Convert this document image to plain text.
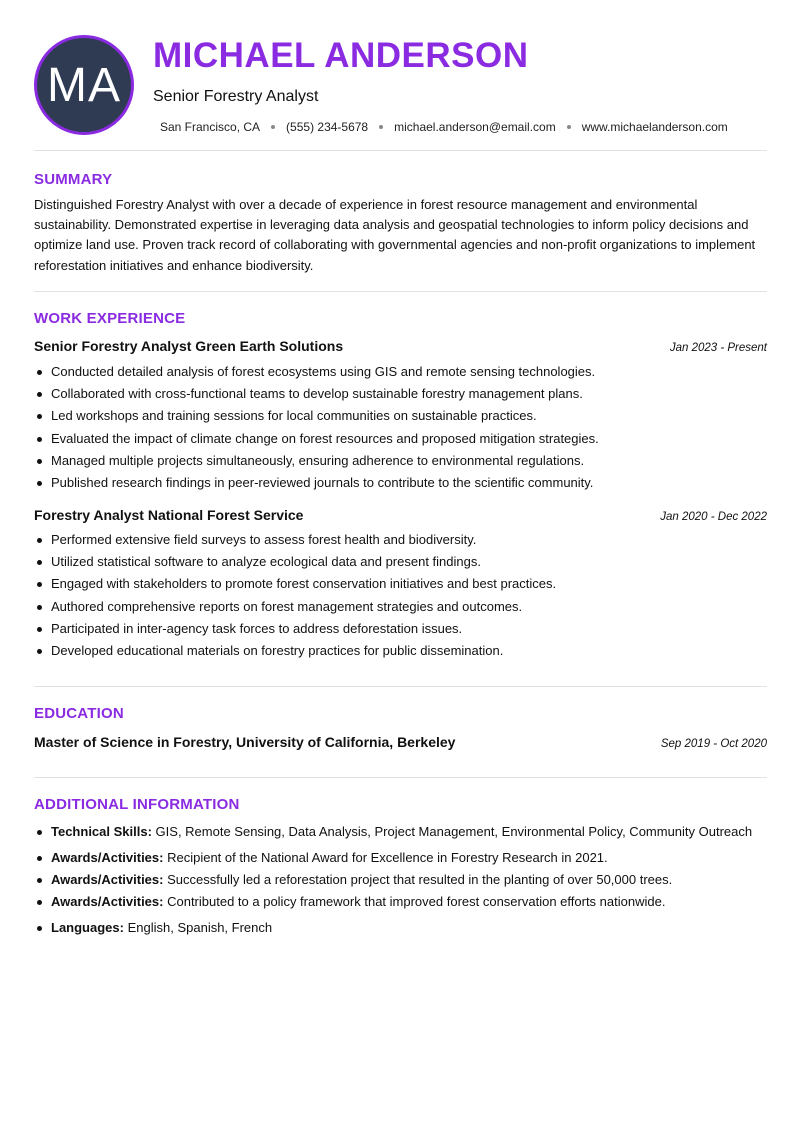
MA
MICHAEL ANDERSON
Senior Forestry Analyst
San Francisco, CA (555) 234-5678 michael.anderson@email.com www.michaelanderson.com
SUMMARY

Distinguished Forestry Analyst with over a decade of experience in forest resource management and environmental sustainability. Demonstrated expertise in leveraging data analysis and geospatial technologies to inform policy decisions and optimize land use. Proven track record of collaborating with governmental agencies and non-profit organizations to implement reforestation initiatives and enhance biodiversity.

WORK EXPERIENCE
Senior Forestry Analyst Green Earth Solutions	Jan 2023 - Present
Conducted detailed analysis of forest ecosystems using GIS and remote sensing technologies.
Collaborated with cross-functional teams to develop sustainable forestry management plans.
Led workshops and training sessions for local communities on sustainable practices.
Evaluated the impact of climate change on forest resources and proposed mitigation strategies.
Managed multiple projects simultaneously, ensuring adherence to environmental regulations.
Published research findings in peer-reviewed journals to contribute to the scientific community.
Forestry Analyst National Forest Service	Jan 2020 - Dec 2022
Performed extensive field surveys to assess forest health and biodiversity.
Utilized statistical software to analyze ecological data and present findings.
Engaged with stakeholders to promote forest conservation initiatives and best practices.
Authored comprehensive reports on forest management strategies and outcomes.
Participated in inter-agency task forces to address deforestation issues.
Developed educational materials on forestry practices for public dissemination.
EDUCATION
Master of Science in Forestry, University of California, Berkeley	Sep 2019 - Oct 2020
ADDITIONAL INFORMATION
Technical Skills: GIS, Remote Sensing, Data Analysis, Project Management, Environmental Policy, Community Outreach
Awards/Activities: Recipient of the National Award for Excellence in Forestry Research in 2021.
Awards/Activities: Successfully led a reforestation project that resulted in the planting of over 50,000 trees.
Awards/Activities: Contributed to a policy framework that improved forest conservation efforts nationwide.
Languages: English, Spanish, French
